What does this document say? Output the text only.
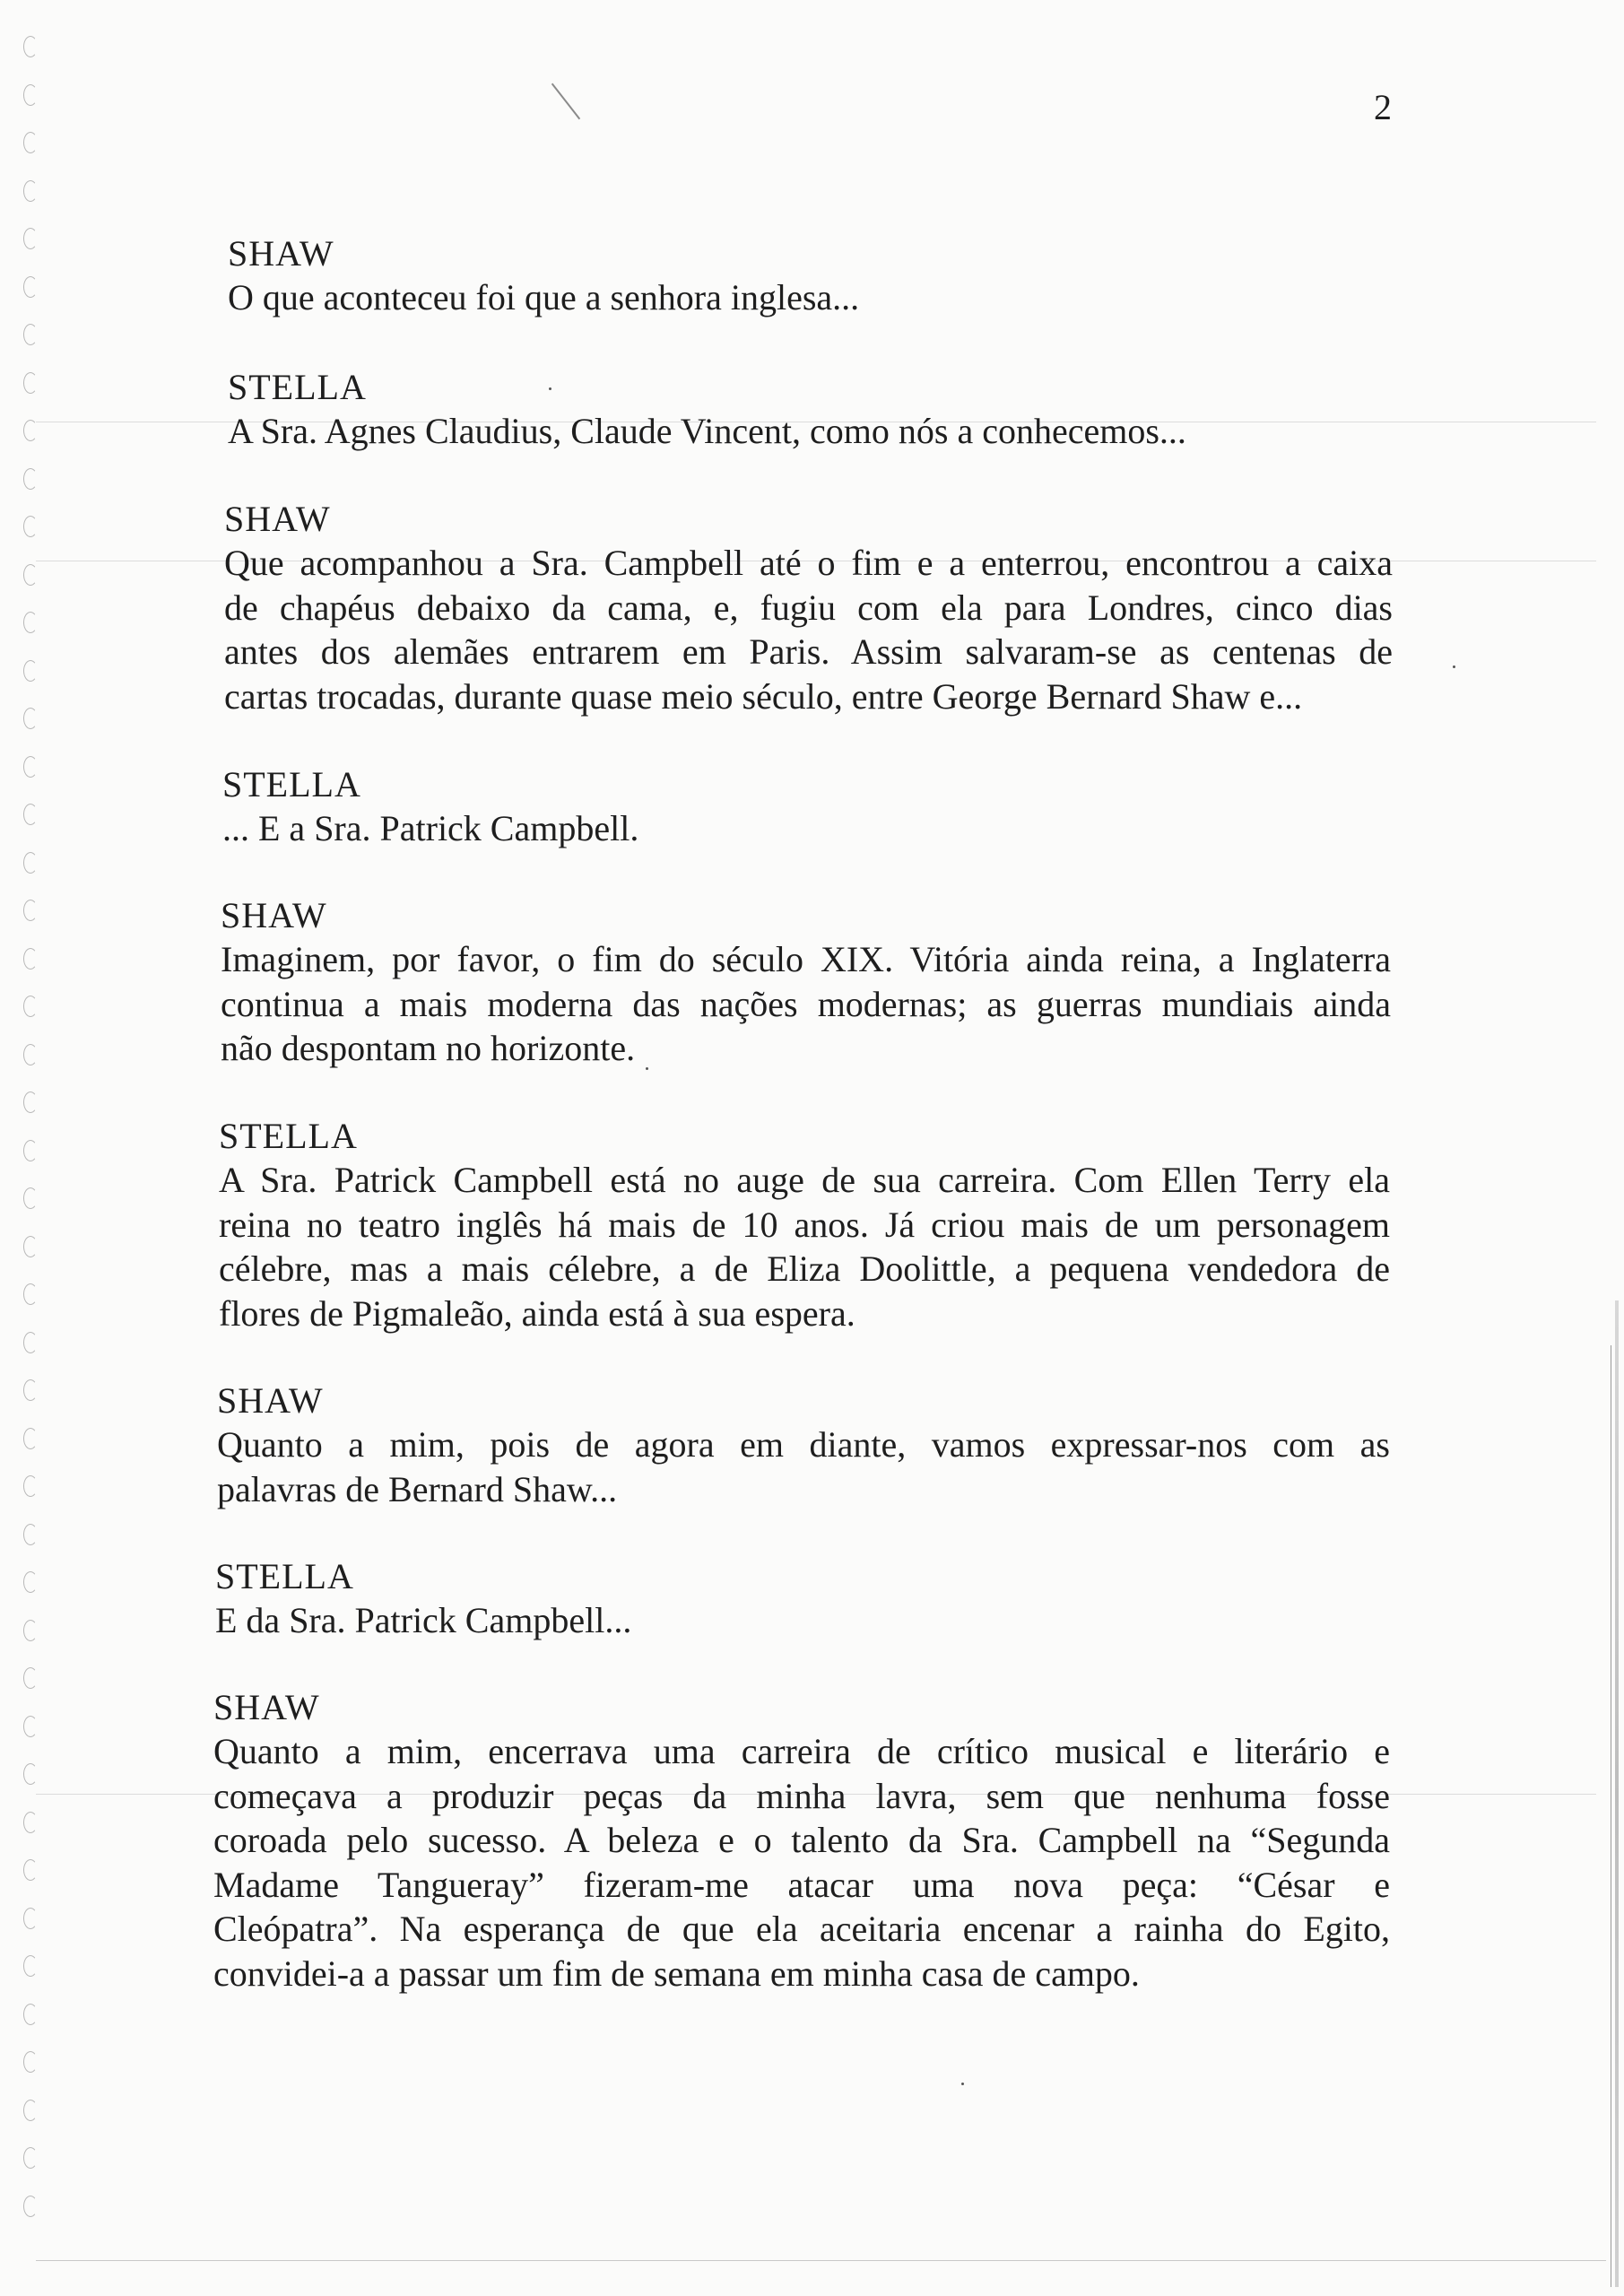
2
SHAW
O que aconteceu foi que a senhora inglesa...
STELLA
A Sra. Agnes Claudius, Claude Vincent, como nós a conhecemos...
SHAW
Que acompanhou a Sra. Campbell até o fim e a enterrou, encontrou a caixa
de chapéus debaixo da cama, e, fugiu com ela para Londres, cinco dias
antes dos alemães entrarem em Paris. Assim salvaram-se as centenas de
cartas trocadas, durante quase meio século, entre George Bernard Shaw e...
STELLA
... E a Sra. Patrick Campbell.
SHAW
Imaginem, por favor, o fim do século XIX. Vitória ainda reina, a Inglaterra
continua a mais moderna das nações modernas; as guerras mundiais ainda
não despontam no horizonte.
STELLA
A Sra. Patrick Campbell está no auge de sua carreira. Com Ellen Terry ela
reina no teatro inglês há mais de 10 anos. Já criou mais de um personagem
célebre, mas a mais célebre, a de Eliza Doolittle, a pequena vendedora de
flores de Pigmaleão, ainda está à sua espera.
SHAW
Quanto a mim, pois de agora em diante, vamos expressar-nos com as
palavras de Bernard Shaw...
STELLA
E da Sra. Patrick Campbell...
SHAW
Quanto a mim, encerrava uma carreira de crítico musical e literário e
começava a produzir peças da minha lavra, sem que nenhuma fosse
coroada pelo sucesso. A beleza e o talento da Sra. Campbell na “Segunda
Madame Tangueray” fizeram-me atacar uma nova peça: “César e
Cleópatra”. Na esperança de que ela aceitaria encenar a rainha do Egito,
convidei-a a passar um fim de semana em minha casa de campo.
